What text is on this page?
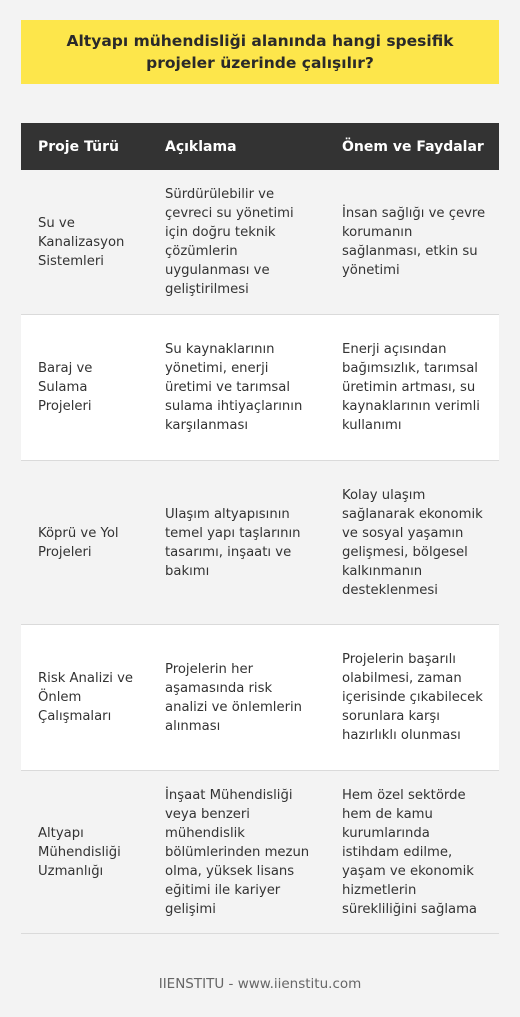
Altyapı mühendisliği alanında hangi spesifik projeler üzerinde çalışılır?
Proje Türü	Açıklama	Önem ve Faydalar
Su ve Kanalizasyon Sistemleri
Sürdürülebilir ve çevreci su yönetimi için doğru teknik çözümlerin uygulanması ve geliştirilmesi
İnsan sağlığı ve çevre korumanın sağlanması, etkin su yönetimi
Baraj ve Sulama Projeleri
Su kaynaklarının yönetimi, enerji üretimi ve tarımsal sulama ihtiyaçlarının karşılanması
Enerji açısından bağımsızlık, tarımsal üretimin artması, su kaynaklarının verimli kullanımı
Köprü ve Yol Projeleri
Ulaşım altyapısının temel yapı taşlarının tasarımı, inşaatı ve bakımı
Kolay ulaşım sağlanarak ekonomik ve sosyal yaşamın gelişmesi, bölgesel kalkınmanın desteklenmesi
Risk Analizi ve Önlem Çalışmaları
Projelerin her aşamasında risk analizi ve önlemlerin alınması
Projelerin başarılı olabilmesi, zaman içerisinde çıkabilecek sorunlara karşı hazırlıklı olunması
Altyapı Mühendisliği Uzmanlığı
İnşaat Mühendisliği veya benzeri mühendislik bölümlerinden mezun olma, yüksek lisans eğitimi ile kariyer gelişimi
Hem özel sektörde hem de kamu kurumlarında istihdam edilme, yaşam ve ekonomik hizmetlerin sürekliliğini sağlama
IIENSTITU - www.iienstitu.com
